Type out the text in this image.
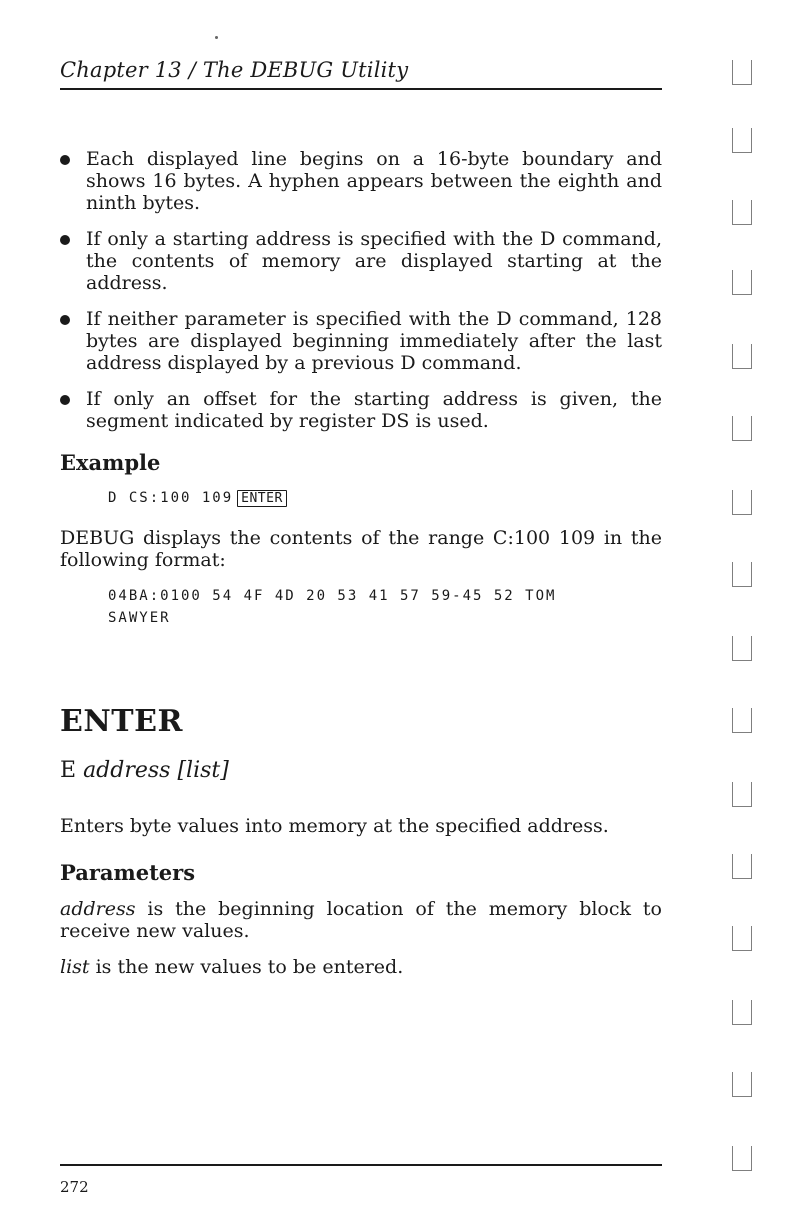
Chapter 13 / The DEBUG Utility
Each displayed line begins on a 16-byte boundary and shows 16 bytes. A hyphen appears between the eighth and ninth bytes.
If only a starting address is specified with the D command, the contents of memory are displayed starting at the address.
If neither parameter is specified with the D command, 128 bytes are displayed beginning immediately after the last address displayed by a previous D command.
If only an offset for the starting address is given, the segment indicated by register DS is used.
Example
D CS:100 109 ENTER

DEBUG displays the contents of the range C:100 109 in the following format:

04BA:0100 54 4F 4D 20 53 41 57 59-45 52 TOM
SAWYER
ENTER
E address [list]

Enters byte values into memory at the specified address.

Parameters

address is the beginning location of the memory block to receive new values.

list is the new values to be entered.

272
